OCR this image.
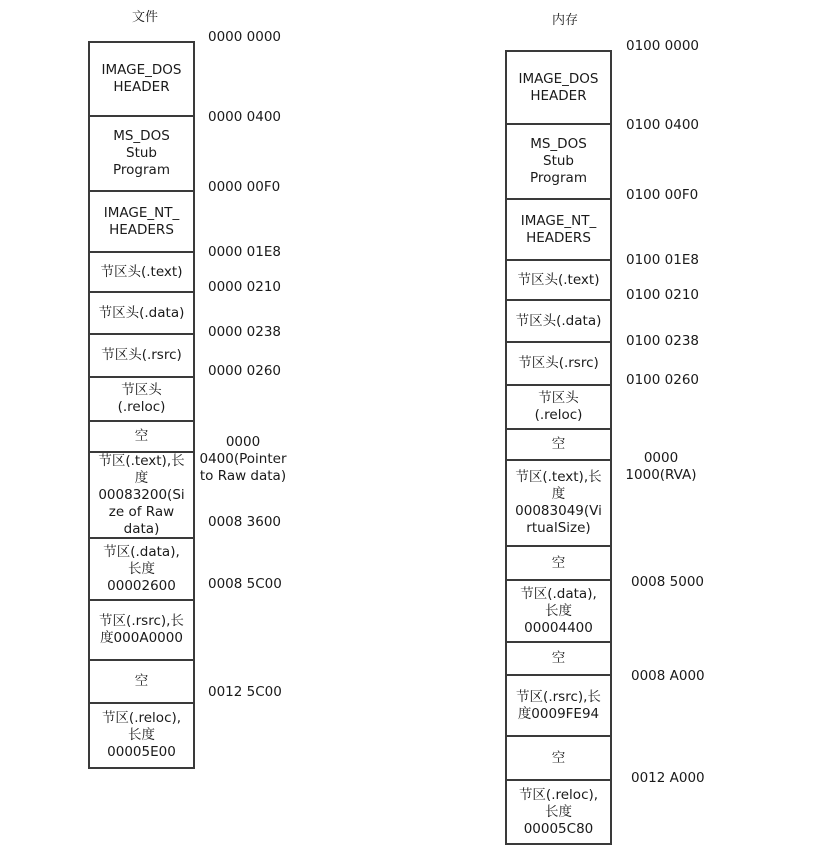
文件
IMAGE_DOS
HEADER
MS_DOS
Stub
Program
IMAGE_NT_
HEADERS
节区头(.text)
节区头(.data)
节区头(.rsrc)
节区头
(.reloc)
空
节区(.text),长
度
00083200(Si
ze of Raw
data)
节区(.data),
长度
00002600
节区(.rsrc),长
度000A0000
空
节区(.reloc),
长度
00005E00
0000 0000
0000 0400
0000 00F0
0000 01E8
0000 0210
0000 0238
0000 0260
0000
0400(Pointer
to Raw data)
0008 3600
0008 5C00
0012 5C00
内存
IMAGE_DOS
HEADER
MS_DOS
Stub
Program
IMAGE_NT_
HEADERS
节区头(.text)
节区头(.data)
节区头(.rsrc)
节区头
(.reloc)
空
节区(.text),长
度
00083049(Vi
rtualSize)
空
节区(.data),
长度
00004400
空
节区(.rsrc),长
度0009FE94
空
节区(.reloc),
长度
00005C80
0100 0000
0100 0400
0100 00F0
0100 01E8
0100 0210
0100 0238
0100 0260
0000
1000(RVA)
0008 5000
0008 A000
0012 A000
